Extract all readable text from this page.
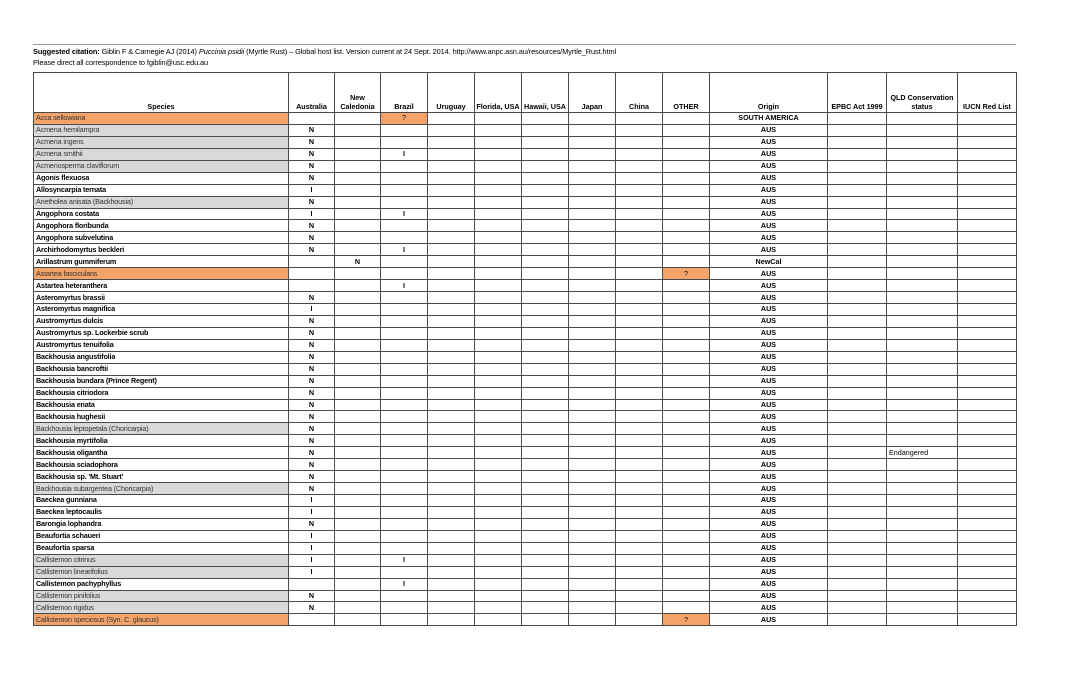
Suggested citation: Giblin F & Carnegie AJ (2014) Puccinia psidii (Myrtle Rust) – Global host list. Version current at 24 Sept. 2014. http://www.anpc.asn.au/resources/Myrtle_Rust.html
Please direct all correspondence to fgiblin@usc.edu.au
Species	Australia	New Caledonia	Brazil	Uruguay	Florida, USA	Hawaii, USA	Japan	China	OTHER	Origin	EPBC Act 1999	QLD Conservation status	IUCN Red List
Acca sellowiana			?							SOUTH AMERICA			
Acmena hemilampra	N									AUS			
Acmena ingens	N									AUS			
Acmena smithii	N		I							AUS			
Acmenosperma claviflorum	N									AUS			
Agonis flexuosa	N									AUS			
Allosyncarpia ternata	I									AUS			
Anetholea anisata (Backhousia)	N									AUS			
Angophora costata	I		I							AUS			
Angophora floribunda	N									AUS			
Angophora subvelutina	N									AUS			
Archirhodomyrtus beckleri	N		I							AUS			
Arillastrum gummiferum		N								NewCal			
Astartea fascicularis									?	AUS			
Astartea heteranthera			I							AUS			
Asteromyrtus brassii	N									AUS			
Asteromyrtus magnifica	I									AUS			
Austromyrtus dulcis	N									AUS			
Austromyrtus sp. Lockerbie scrub	N									AUS			
Austromyrtus tenuifolia	N									AUS			
Backhousia angustifolia	N									AUS			
Backhousia bancroftii	N									AUS			
Backhousia bundara (Prince Regent)	N									AUS			
Backhousia citriodora	N									AUS			
Backhousia enata	N									AUS			
Backhousia hughesii	N									AUS			
Backhousia leptopetala (Choricarpia)	N									AUS			
Backhousia myrtifolia	N									AUS			
Backhousia oligantha	N									AUS		Endangered	
Backhousia sciadophora	N									AUS			
Backhousia sp. 'Mt. Stuart'	N									AUS			
Backhousia subargentea (Choricarpia)	N									AUS			
Baeckea gunniana	I									AUS			
Baeckea leptocaulis	I									AUS			
Barongia lophandra	N									AUS			
Beaufortia schaueri	I									AUS			
Beaufortia sparsa	I									AUS			
Callistemon citrinus	I		I							AUS			
Callistemon linearifolius	I									AUS			
Callistemon pachyphyllus			I							AUS			
Callistemon pinifolius	N									AUS			
Callistemon rigidus	N									AUS			
Callistemon speciosus (Syn. C. glaucus)									?	AUS			
